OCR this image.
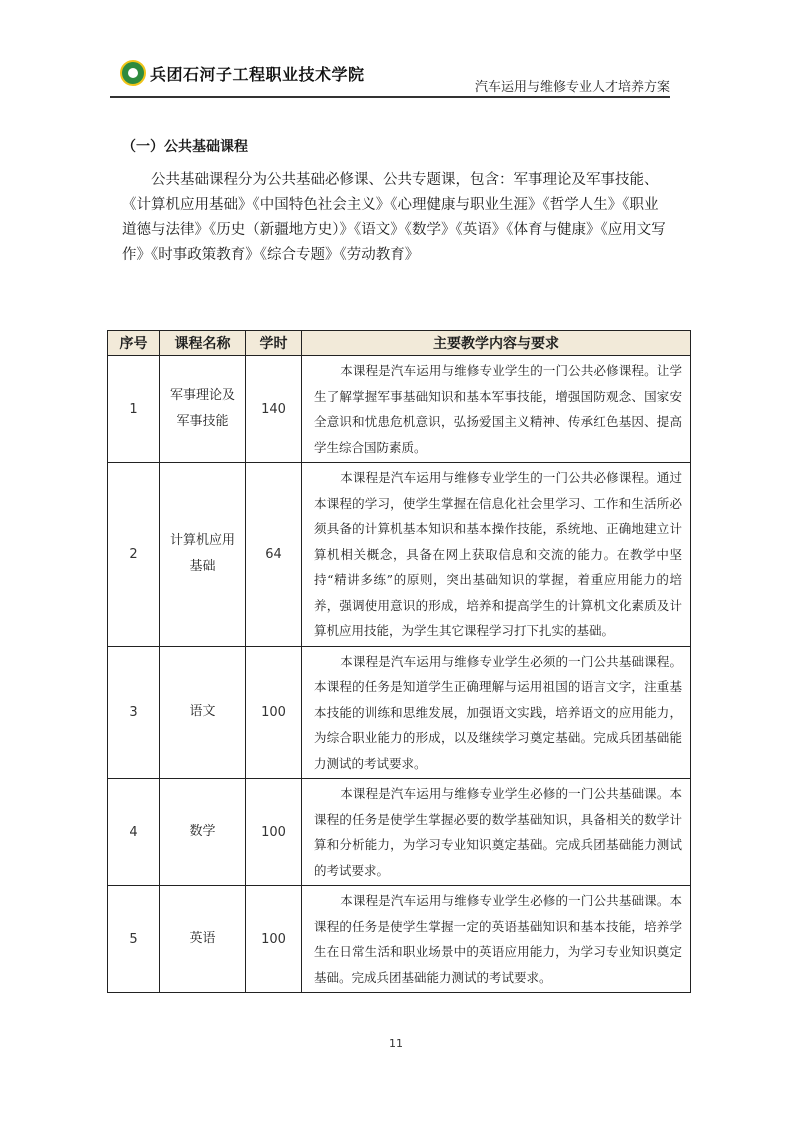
兵团石河子工程职业技术学院
汽车运用与维修专业人才培养方案
（一）公共基础课程

公共基础课程分为公共基础必修课、公共专题课，包含：军事理论及军事技能、《计算机应用基础》《中国特色社会主义》《心理健康与职业生涯》《哲学人生》《职业道德与法律》《历史（新疆地方史）》《语文》《数学》《英语》《体育与健康》《应用文写作》《时事政策教育》《综合专题》《劳动教育》

序号	课程名称	学时	主要教学内容与要求
1	军事理论及军事技能	140	本课程是汽车运用与维修专业学生的一门公共必修课程。让学生了解掌握军事基础知识和基本军事技能，增强国防观念、国家安全意识和忧患危机意识，弘扬爱国主义精神、传承红色基因、提高学生综合国防素质。
2	计算机应用基础	64	本课程是汽车运用与维修专业学生的一门公共必修课程。通过本课程的学习，使学生掌握在信息化社会里学习、工作和生活所必须具备的计算机基本知识和基本操作技能，系统地、正确地建立计算机相关概念，具备在网上获取信息和交流的能力。在教学中坚持“精讲多练”的原则，突出基础知识的掌握，着重应用能力的培养，强调使用意识的形成，培养和提高学生的计算机文化素质及计算机应用技能，为学生其它课程学习打下扎实的基础。
3	语文	100	本课程是汽车运用与维修专业学生必须的一门公共基础课程。本课程的任务是知道学生正确理解与运用祖国的语言文字，注重基本技能的训练和思维发展，加强语文实践，培养语文的应用能力，为综合职业能力的形成，以及继续学习奠定基础。完成兵团基础能力测试的考试要求。
4	数学	100	本课程是汽车运用与维修专业学生必修的一门公共基础课。本课程的任务是使学生掌握必要的数学基础知识，具备相关的数学计算和分析能力，为学习专业知识奠定基础。完成兵团基础能力测试的考试要求。
5	英语	100	本课程是汽车运用与维修专业学生必修的一门公共基础课。本课程的任务是使学生掌握一定的英语基础知识和基本技能，培养学生在日常生活和职业场景中的英语应用能力，为学习专业知识奠定基础。完成兵团基础能力测试的考试要求。
11
